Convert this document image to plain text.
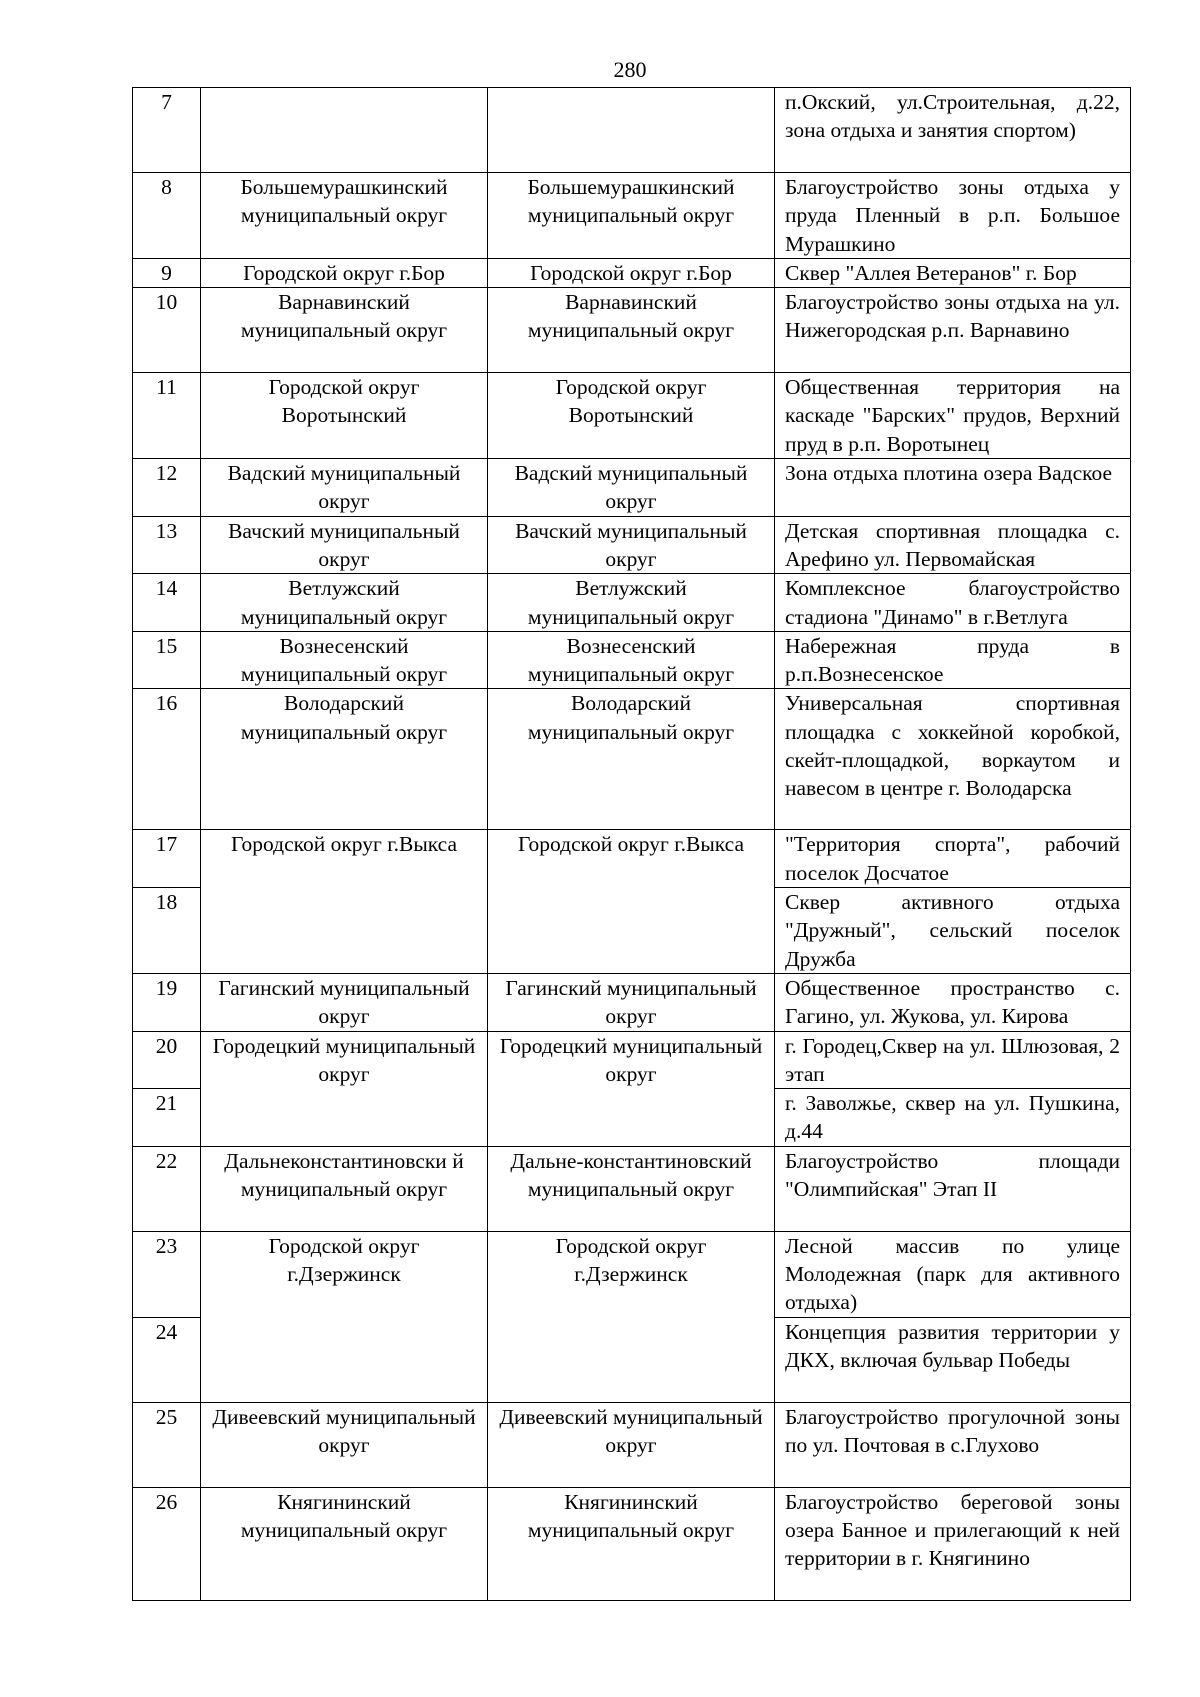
280
7			п.Окский, ул.Строительная, д.22, зона отдыха и занятия спортом)
8	Большемурашкинский муниципальный округ	Большемурашкинский муниципальный округ	Благоустройство зоны отдыха у пруда Пленный в р.п. Большое Мурашкино
9	Городской округ г.Бор	Городской округ г.Бор	Сквер "Аллея Ветеранов" г. Бор
10	Варнавинский муниципальный округ	Варнавинский муниципальный округ	Благоустройство зоны отдыха на ул. Нижегородская р.п. Варнавино
11	Городской округ Воротынский	Городской округ Воротынский	Общественная территория на каскаде "Барских" прудов, Верхний пруд в р.п. Воротынец
12	Вадский муниципальный округ	Вадский муниципальный округ	Зона отдыха плотина озера Вадское
13	Вачский муниципальный округ	Вачский муниципальный округ	Детская спортивная площадка с. Арефино ул. Первомайская
14	Ветлужский муниципальный округ	Ветлужский муниципальный округ	Комплексное благоустройство стадиона "Динамо" в г.Ветлуга
15	Вознесенский муниципальный округ	Вознесенский муниципальный округ	Набережная пруда в р.п.Вознесенское
16	Володарский муниципальный округ	Володарский муниципальный округ	Универсальная спортивная площадка с хоккейной коробкой, скейт-площадкой, воркаутом и навесом в центре г. Володарска
17	Городской округ г.Выкса	Городской округ г.Выкса	"Территория спорта", рабочий поселок Досчатое
18			Сквер активного отдыха "Дружный", сельский поселок Дружба
19	Гагинский муниципальный округ	Гагинский муниципальный округ	Общественное пространство с. Гагино, ул. Жукова, ул. Кирова
20	Городецкий муниципальный округ	Городецкий муниципальный округ	г. Городец,Сквер на ул. Шлюзовая, 2 этап
21			г. Заволжье, сквер на ул. Пушкина, д.44
22	Дальнеконстантиновски й муниципальный округ	Дальне-константиновский муниципальный округ	Благоустройство площади "Олимпийская" Этап II
23	Городской округ г.Дзержинск	Городской округ г.Дзержинск	Лесной массив по улице Молодежная (парк для активного отдыха)
24			Концепция развития территории у ДКХ, включая бульвар Победы
25	Дивеевский муниципальный округ	Дивеевский муниципальный округ	Благоустройство прогулочной зоны по ул. Почтовая в с.Глухово
26	Княгининский муниципальный округ	Княгининский муниципальный округ	Благоустройство береговой зоны озера Банное и прилегающий к ней территории в г. Княгинино
